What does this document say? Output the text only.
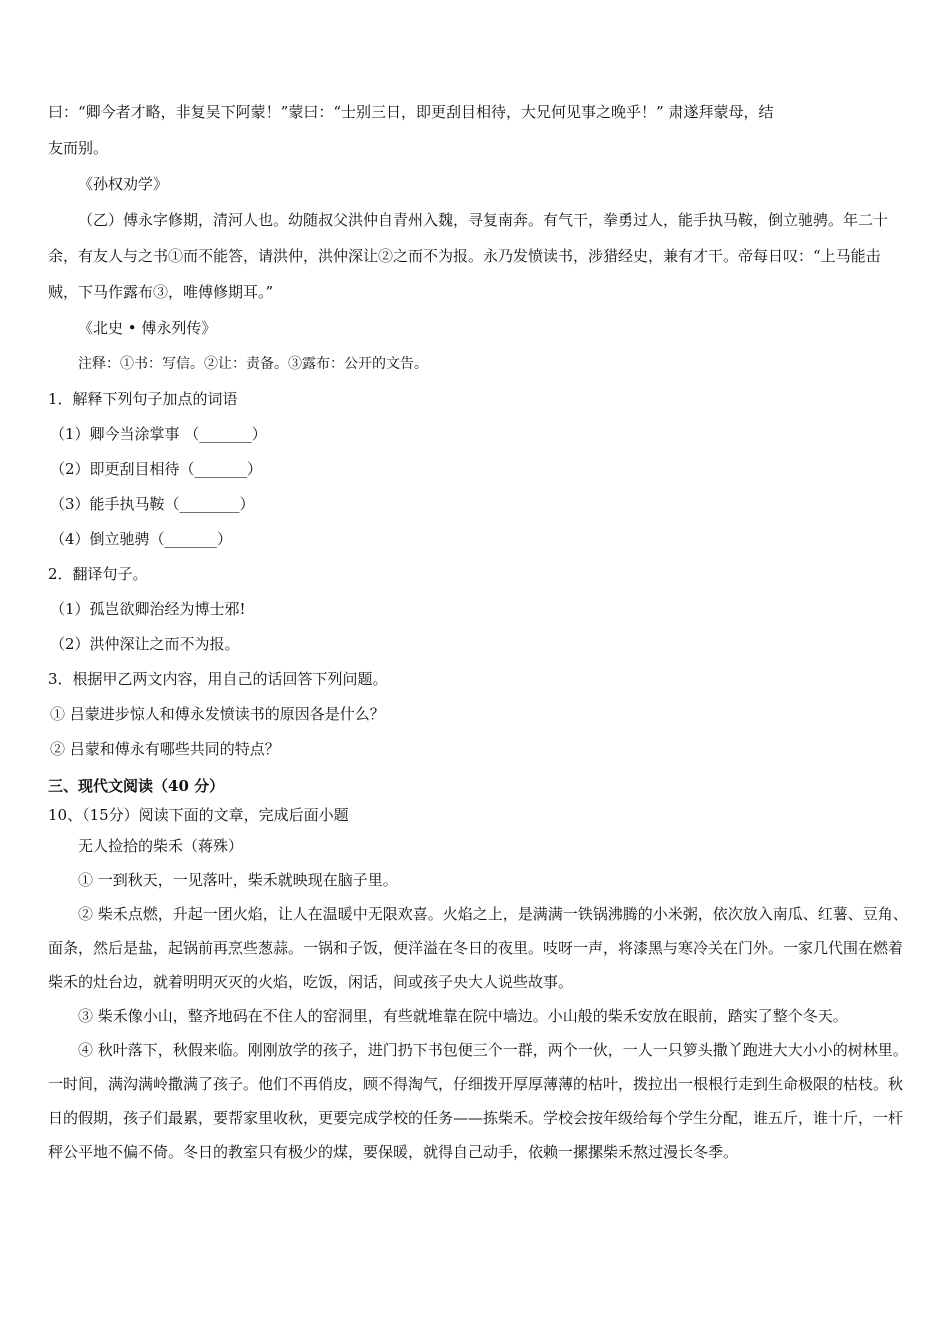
曰：“卿今者才略，非复吴下阿蒙！”蒙曰：“士别三日，即更刮目相待，大兄何见事之晚乎！” 肃遂拜蒙母，结

友而别。

《孙权劝学》

（乙）傅永字修期，清河人也。幼随叔父洪仲自青州入魏，寻复南奔。有气干，拳勇过人，能手执马鞍，倒立驰骋。年二十余，有友人与之书①而不能答，请洪仲，洪仲深让②之而不为报。永乃发愤读书，涉猎经史，兼有才干。帝每日叹：“上马能击贼，下马作露布③，唯傅修期耳。”

《北史 • 傅永列传》

注释：①书：写信。②让：责备。③露布：公开的文告。

1．解释下列句子加点的词语

（1）卿今当涂掌事 （_______）

（2）即更刮目相待（_______）

（3）能手执马鞍（________）

（4）倒立驰骋（_______）

2．翻译句子。

（1）孤岂欲卿治经为博士邪!

（2）洪仲深让之而不为报。

3．根据甲乙两文内容，用自己的话回答下列问题。

① 吕蒙进步惊人和傅永发愤读书的原因各是什么？

② 吕蒙和傅永有哪些共同的特点？

三、现代文阅读（40 分）

10、（15分）阅读下面的文章，完成后面小题

无人捡拾的柴禾（蒋殊）

① 一到秋天，一见落叶，柴禾就映现在脑子里。

② 柴禾点燃，升起一团火焰，让人在温暖中无限欢喜。火焰之上，是满满一铁锅沸腾的小米粥，依次放入南瓜、红薯、豆角、面条，然后是盐，起锅前再烹些葱蒜。一锅和子饭，便洋溢在冬日的夜里。吱呀一声，将漆黑与寒冷关在门外。一家几代围在燃着柴禾的灶台边，就着明明灭灭的火焰，吃饭，闲话，间或孩子央大人说些故事。

③ 柴禾像小山，整齐地码在不住人的窑洞里，有些就堆靠在院中墙边。小山般的柴禾安放在眼前，踏实了整个冬天。

④ 秋叶落下，秋假来临。刚刚放学的孩子，进门扔下书包便三个一群，两个一伙，一人一只箩头撒丫跑进大大小小的树林里。一时间，满沟满岭撒满了孩子。他们不再俏皮，顾不得淘气，仔细拨开厚厚薄薄的枯叶，拨拉出一根根行走到生命极限的枯枝。秋日的假期，孩子们最累，要帮家里收秋，更要完成学校的任务——拣柴禾。学校会按年级给每个学生分配，谁五斤，谁十斤，一杆秤公平地不偏不倚。冬日的教室只有极少的煤，要保暖，就得自己动手，依赖一摞摞柴禾熬过漫长冬季。
